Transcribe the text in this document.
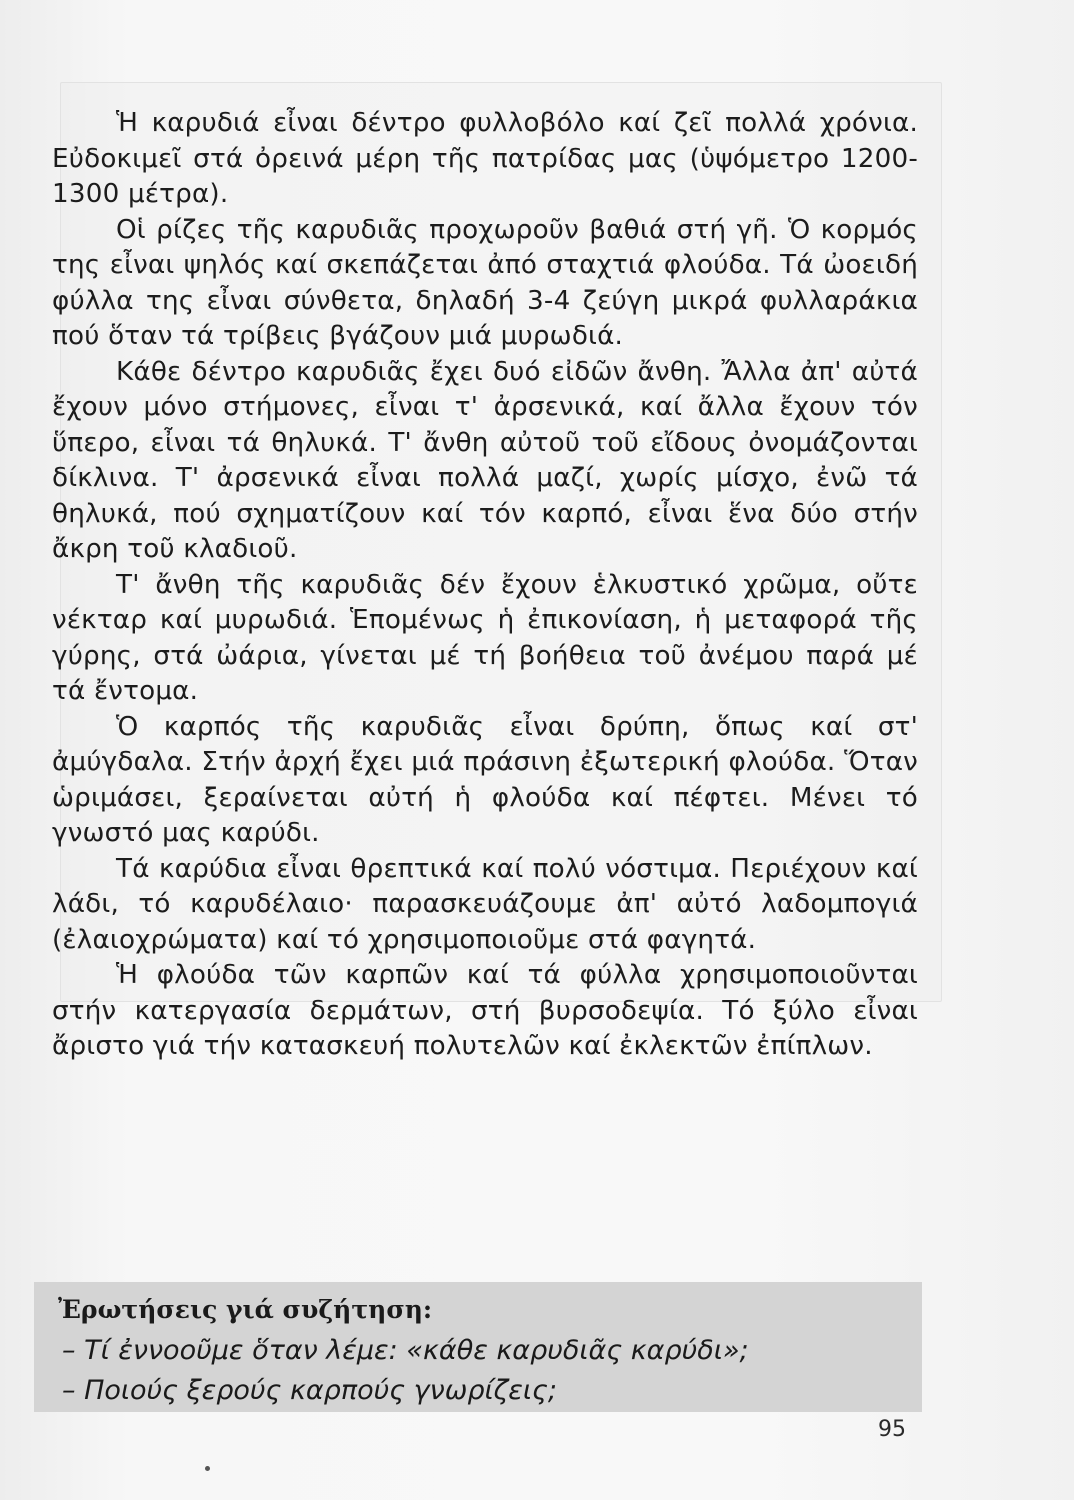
Ἡ καρυδιά εἶναι δέντρο φυλλοβόλο καί ζεῖ πολλά χρόνια. Εὐδοκιμεῖ στά ὀρεινά μέρη τῆς πατρίδας μας (ὑψόμετρο 1200-1300 μέτρα).

Οἱ ρίζες τῆς καρυδιᾶς προχωροῦν βαθιά στή γῆ. Ὁ κορμός της εἶναι ψηλός καί σκεπάζεται ἀπό σταχτιά φλούδα. Τά ὠοειδή φύλλα της εἶναι σύνθετα, δηλαδή 3-4 ζεύγη μικρά φυλλαράκια πού ὅταν τά τρίβεις βγάζουν μιά μυρωδιά.

Κάθε δέντρο καρυδιᾶς ἔχει δυό εἰδῶν ἄνθη. Ἄλλα ἀπ' αὐτά ἔχουν μόνο στήμονες, εἶναι τ' ἀρσενικά, καί ἄλλα ἔχουν τόν ὕπερο, εἶναι τά θηλυκά. Τ' ἄνθη αὐτοῦ τοῦ εἴδους ὀνομάζονται δίκλινα. Τ' ἀρσενικά εἶναι πολλά μαζί, χωρίς μίσχο, ἐνῶ τά θηλυκά, πού σχηματίζουν καί τόν καρπό, εἶναι ἕνα δύο στήν ἄκρη τοῦ κλαδιοῦ.

Τ' ἄνθη τῆς καρυδιᾶς δέν ἔχουν ἑλκυστικό χρῶμα, οὔτε νέκταρ καί μυρωδιά. Ἑπομένως ἡ ἐπικονίαση, ἡ μεταφορά τῆς γύρης, στά ὠάρια, γίνεται μέ τή βοήθεια τοῦ ἀνέμου παρά μέ τά ἔντομα.

Ὁ καρπός τῆς καρυδιᾶς εἶναι δρύπη, ὅπως καί στ' ἀμύγδαλα. Στήν ἀρχή ἔχει μιά πράσινη ἐξωτερική φλούδα. Ὅταν ὡριμάσει, ξεραίνεται αὐτή ἡ φλούδα καί πέφτει. Μένει τό γνωστό μας καρύδι.

Τά καρύδια εἶναι θρεπτικά καί πολύ νόστιμα. Περιέχουν καί λάδι, τό καρυδέλαιο· παρασκευάζουμε ἀπ' αὐτό λαδομπογιά (ἐλαιοχρώματα) καί τό χρησιμοποιοῦμε στά φαγητά.

Ἡ φλούδα τῶν καρπῶν καί τά φύλλα χρησιμοποιοῦνται στήν κατεργασία δερμάτων, στή βυρσοδεψία. Τό ξύλο εἶναι ἄριστο γιά τήν κατασκευή πολυτελῶν καί ἐκλεκτῶν ἐπίπλων.

Ἐρωτήσεις γιά συζήτηση:
– Τί ἐννοοῦμε ὅταν λέμε: «κάθε καρυδιᾶς καρύδι»;
– Ποιούς ξερούς καρπούς γνωρίζεις;
95
